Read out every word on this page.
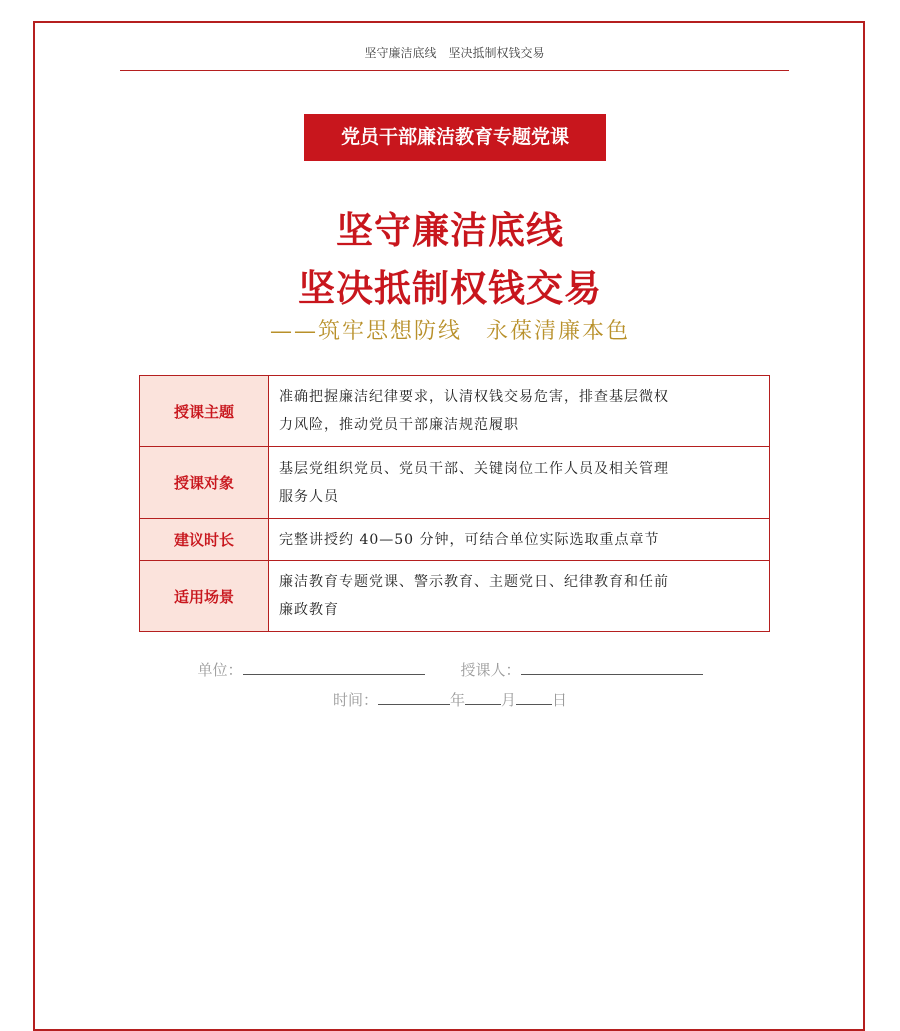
坚守廉洁底线　坚决抵制权钱交易
党员干部廉洁教育专题党课
坚守廉洁底线
坚决抵制权钱交易
——筑牢思想防线　永葆清廉本色
授课主题	准确把握廉洁纪律要求，认清权钱交易危害，排查基层微权
力风险，推动党员干部廉洁规范履职

授课对象	基层党组织党员、党员干部、关键岗位工作人员及相关管理
服务人员

建议时长	完整讲授约 40—50 分钟，可结合单位实际选取重点章节

适用场景	廉洁教育专题党课、警示教育、主题党日、纪律教育和任前
廉政教育
单位：	授课人：
时间：	年 月 日
